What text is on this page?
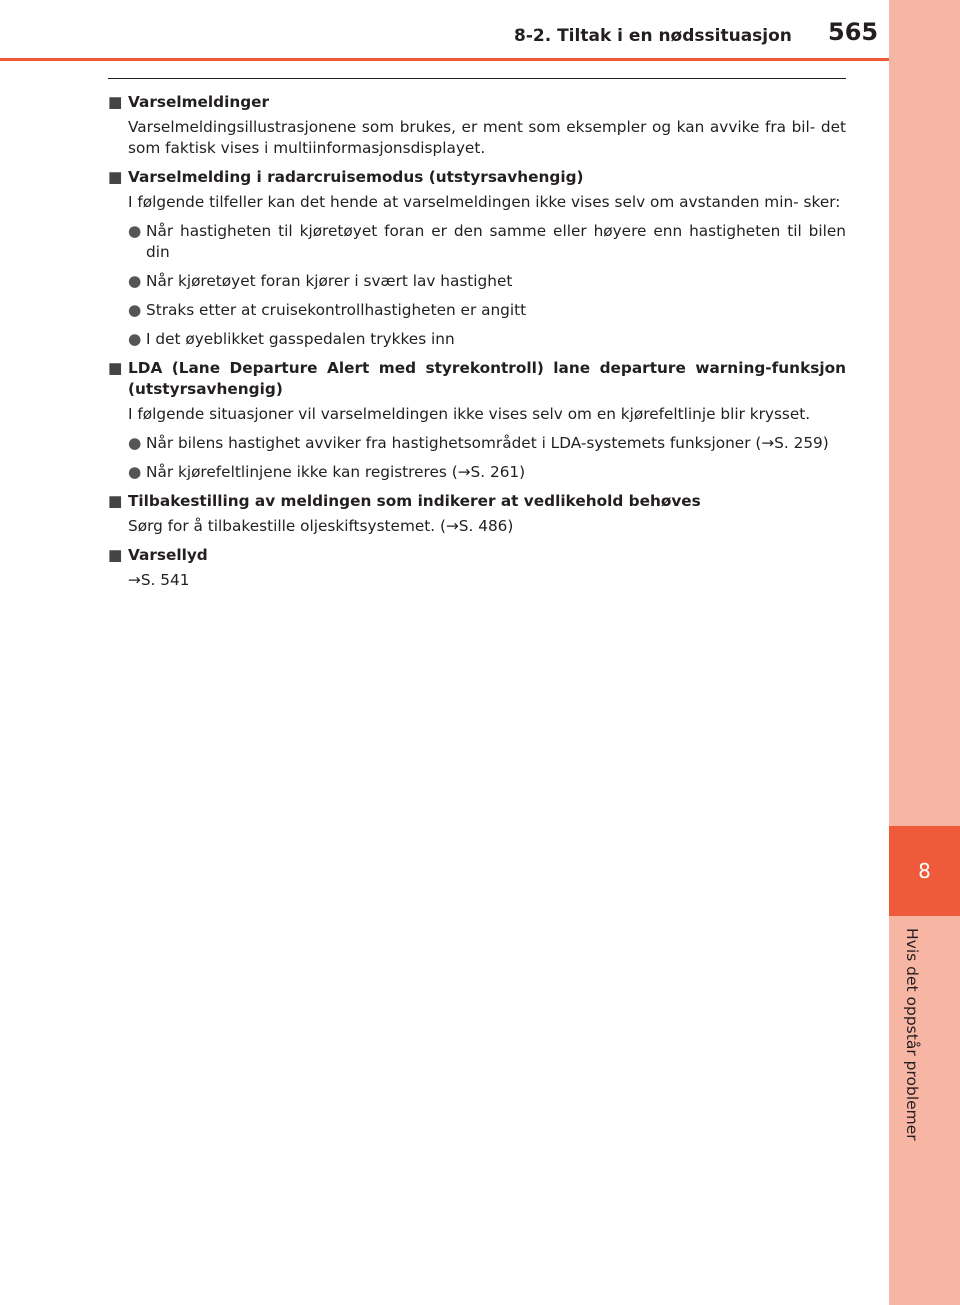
8
Hvis det oppstår problemer
8-2. Tiltak i en nødssituasjon 565
■ Varselmeldinger
Varselmeldingsillustrasjonene som brukes, er ment som eksempler og kan avvike fra bil- det som faktisk vises i multiinformasjonsdisplayet.
■ Varselmelding i radarcruisemodus (utstyrsavhengig)
I følgende tilfeller kan det hende at varselmeldingen ikke vises selv om avstanden min- sker:
● Når hastigheten til kjøretøyet foran er den samme eller høyere enn hastigheten til bilen din
● Når kjøretøyet foran kjører i svært lav hastighet
● Straks etter at cruisekontrollhastigheten er angitt
● I det øyeblikket gasspedalen trykkes inn
■ LDA (Lane Departure Alert med styrekontroll) lane departure warning-funksjon (utstyrsavhengig)
I følgende situasjoner vil varselmeldingen ikke vises selv om en kjørefeltlinje blir krysset.
● Når bilens hastighet avviker fra hastighetsområdet i LDA-systemets funksjoner (→S. 259)
● Når kjørefeltlinjene ikke kan registreres (→S. 261)
■ Tilbakestilling av meldingen som indikerer at vedlikehold behøves
Sørg for å tilbakestille oljeskiftsystemet. (→S. 486)
■ Varsellyd
→S. 541
